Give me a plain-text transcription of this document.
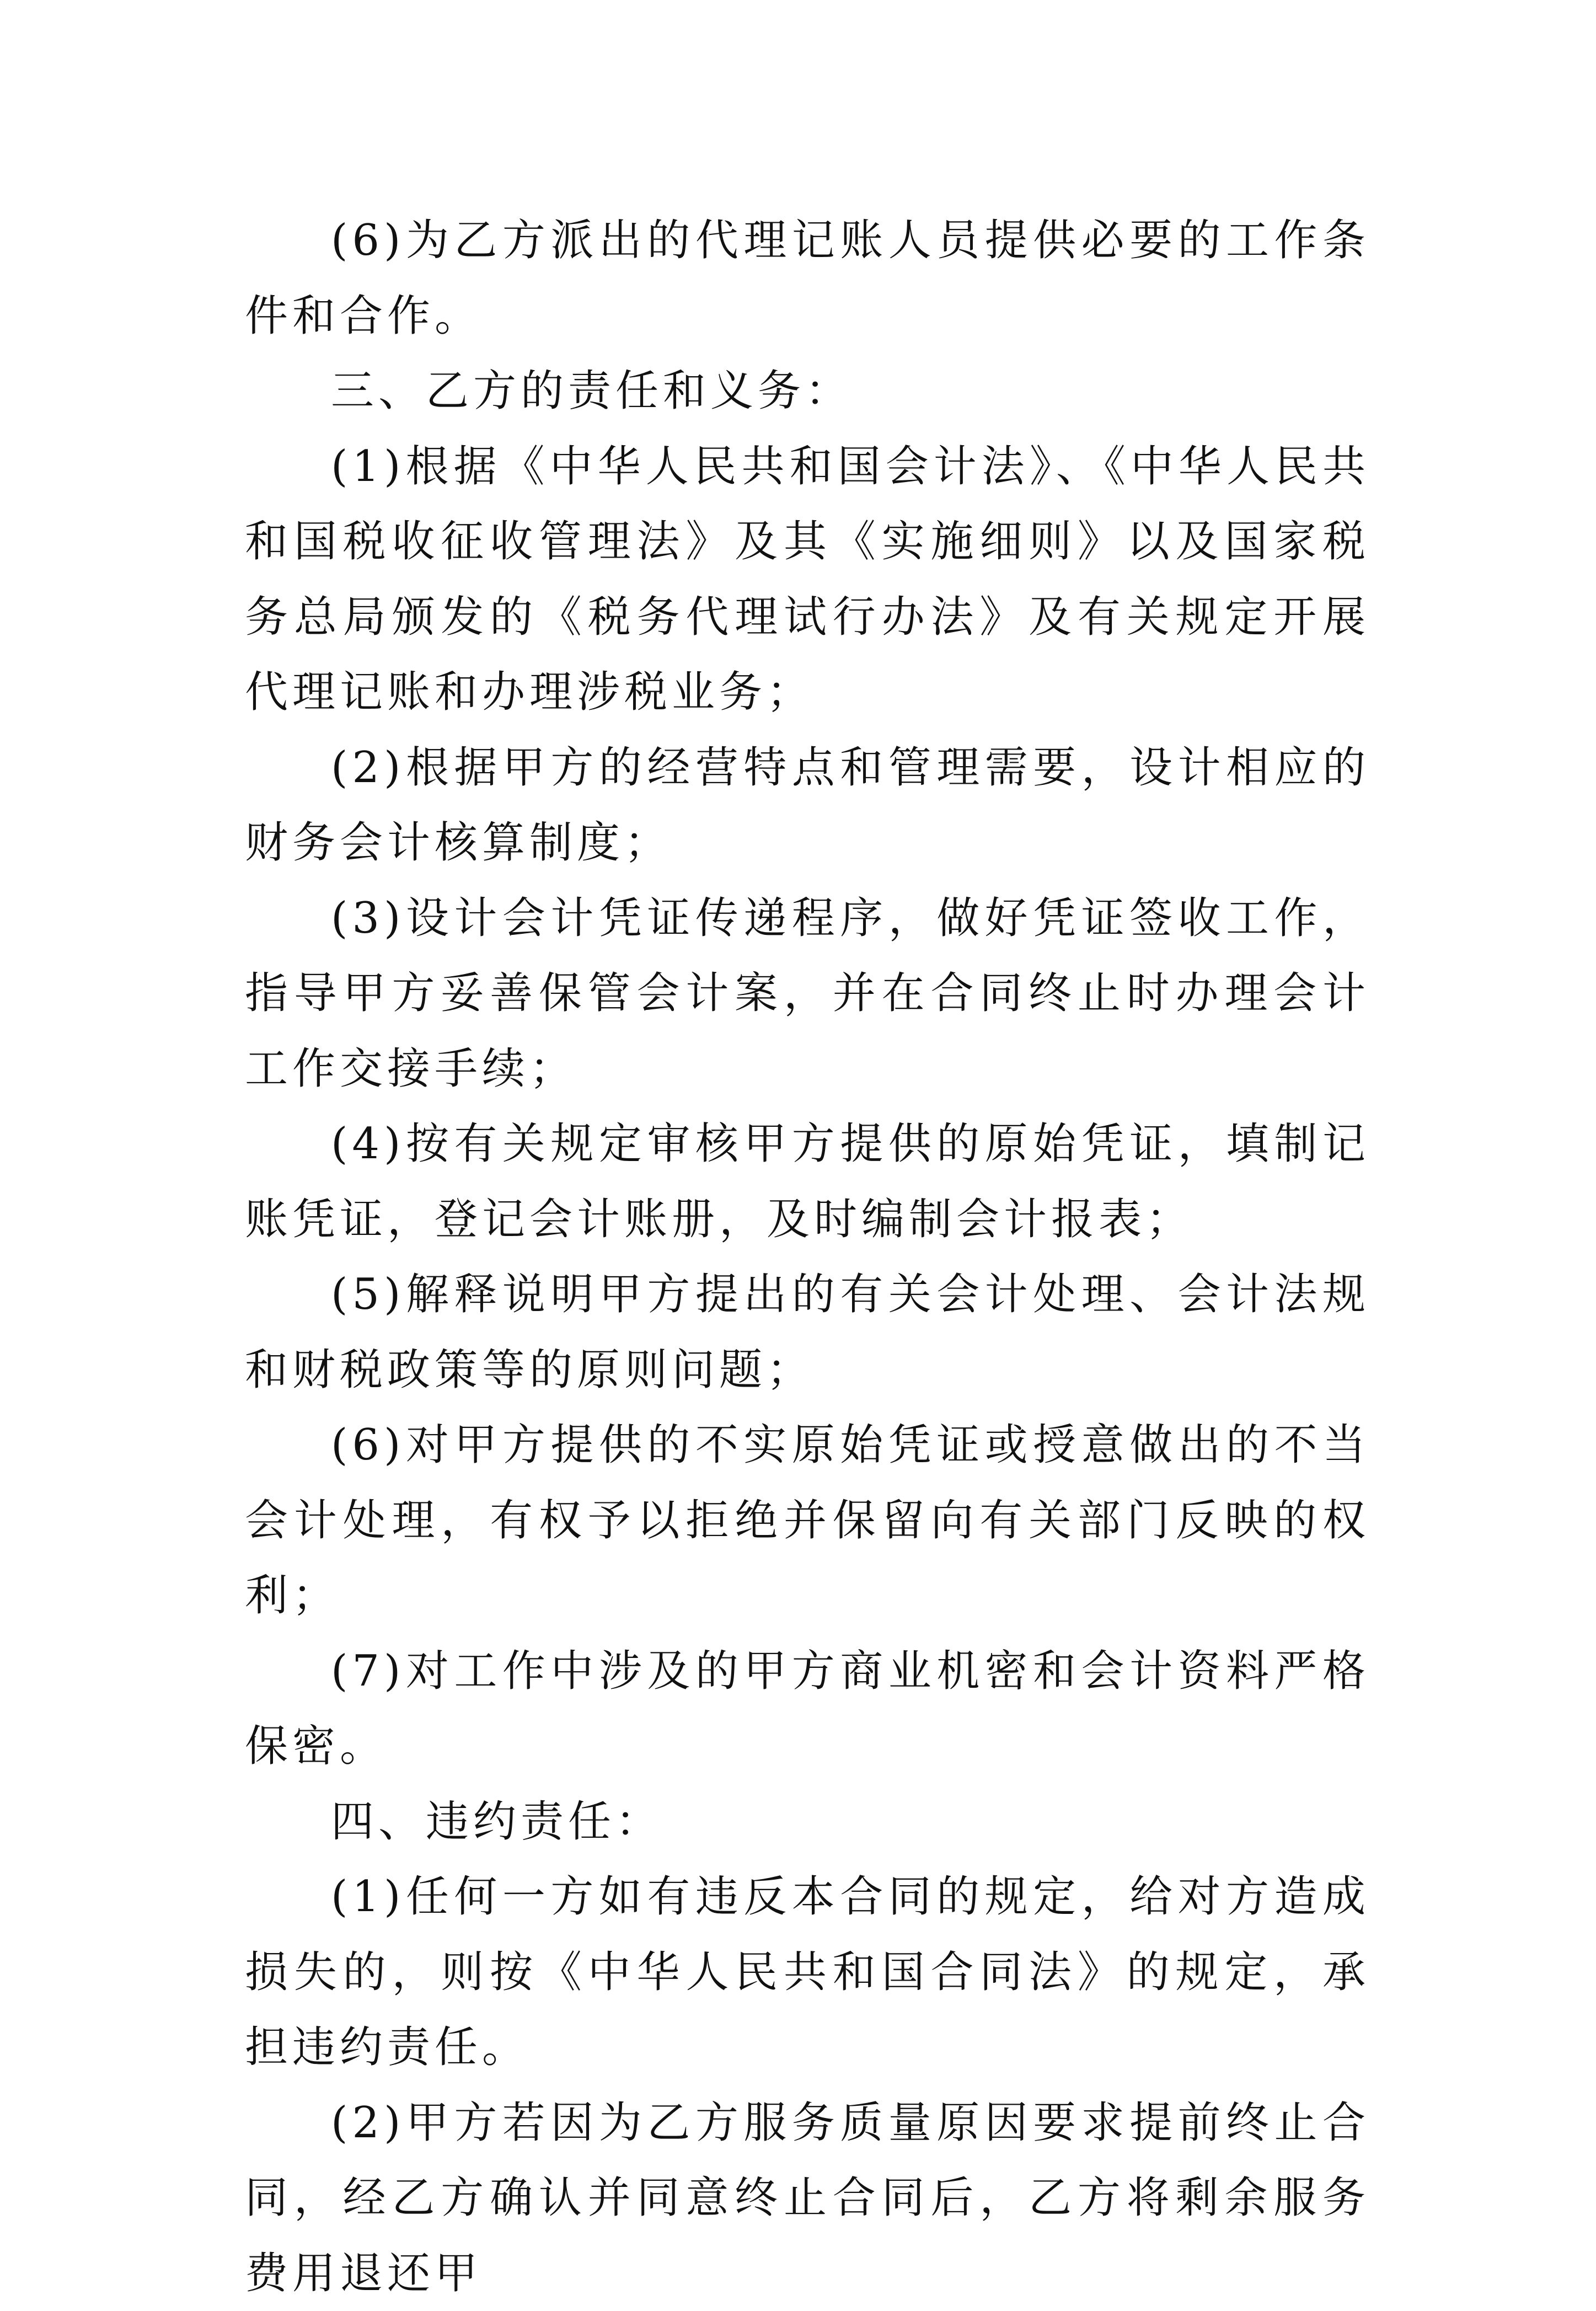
(6)为乙方派出的代理记账人员提供必要的工作条件和合作。

三、乙方的责任和义务：

(1)根据《中华人民共和国会计法》、《中华人民共和国税收征收管理法》及其《实施细则》以及国家税务总局颁发的《税务代理试行办法》及有关规定开展代理记账和办理涉税业务；

(2)根据甲方的经营特点和管理需要，设计相应的财务会计核算制度；

(3)设计会计凭证传递程序，做好凭证签收工作，指导甲方妥善保管会计案，并在合同终止时办理会计工作交接手续；

(4)按有关规定审核甲方提供的原始凭证，填制记账凭证，登记会计账册，及时编制会计报表；

(5)解释说明甲方提出的有关会计处理、会计法规和财税政策等的原则问题；

(6)对甲方提供的不实原始凭证或授意做出的不当会计处理，有权予以拒绝并保留向有关部门反映的权利；

(7)对工作中涉及的甲方商业机密和会计资料严格保密。

四、违约责任：

(1)任何一方如有违反本合同的规定，给对方造成损失的，则按《中华人民共和国合同法》的规定，承担违约责任。

(2)甲方若因为乙方服务质量原因要求提前终止合同，经乙方确认并同意终止合同后，乙方将剩余服务费用退还甲
